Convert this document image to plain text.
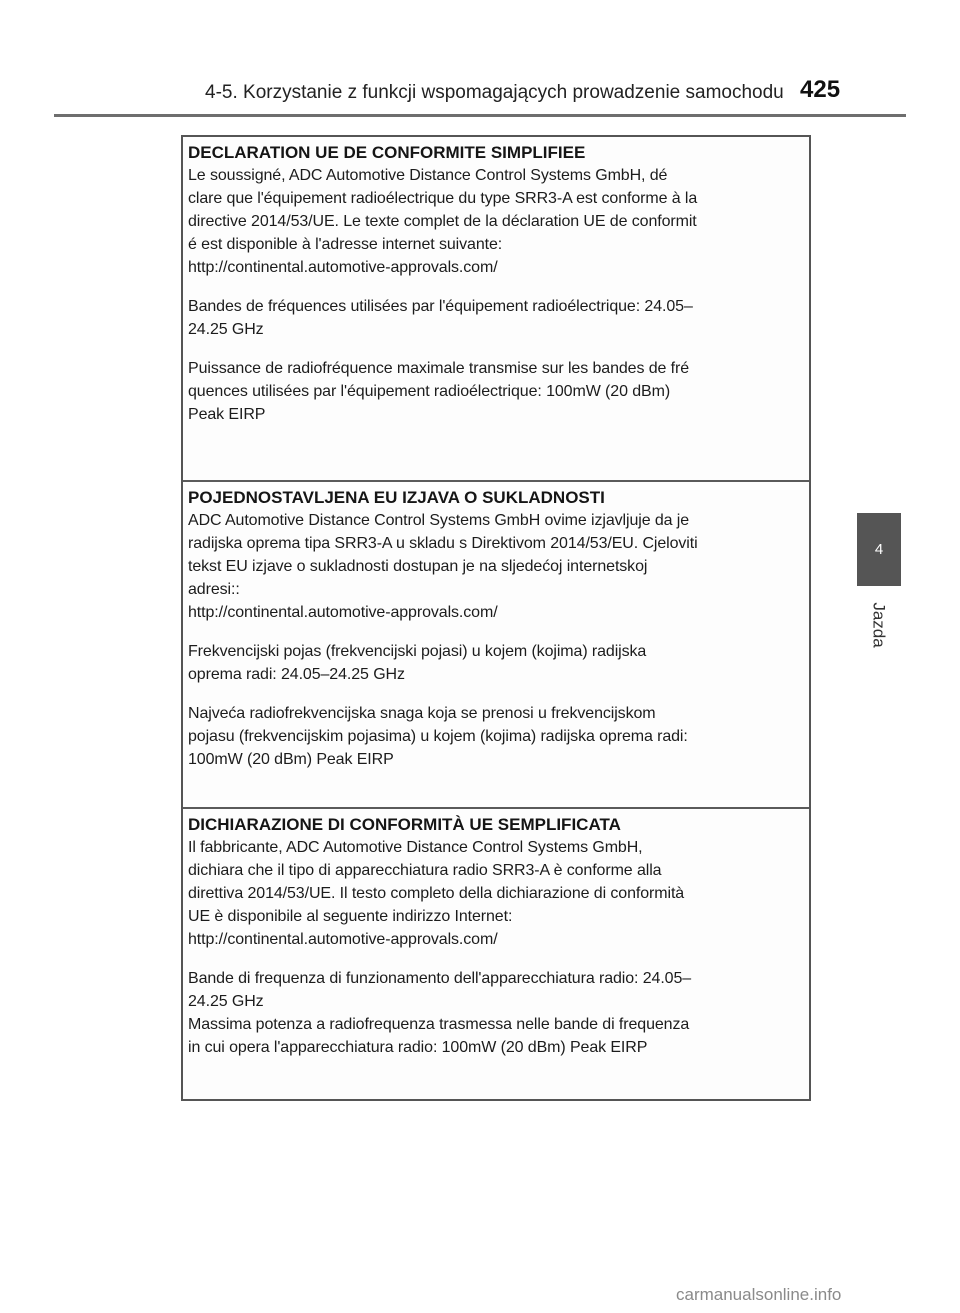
4-5. Korzystanie z funkcji wspomagających prowadzenie samochodu 425
4
Jazda
DECLARATION UE DE CONFORMITE SIMPLIFIEE
Le soussigné, ADC Automotive Distance Control Systems GmbH, dé
clare que l'équipement radioélectrique du type SRR3-A est conforme à la
directive 2014/53/UE. Le texte complet de la déclaration UE de conformit
é est disponible à l'adresse internet suivante:
http://continental.automotive-approvals.com/
Bandes de fréquences utilisées par l'équipement radioélectrique: 24.05–
24.25 GHz
Puissance de radiofréquence maximale transmise sur les bandes de fré
quences utilisées par l'équipement radioélectrique: 100mW (20 dBm)
Peak EIRP
POJEDNOSTAVLJENA EU IZJAVA O SUKLADNOSTI
ADC Automotive Distance Control Systems GmbH ovime izjavljuje da je
radijska oprema tipa SRR3-A u skladu s Direktivom 2014/53/EU. Cjeloviti
tekst EU izjave o sukladnosti dostupan je na sljedećoj internetskoj
adresi::
http://continental.automotive-approvals.com/
Frekvencijski pojas (frekvencijski pojasi) u kojem (kojima) radijska
oprema radi: 24.05–24.25 GHz
Najveća radiofrekvencijska snaga koja se prenosi u frekvencijskom
pojasu (frekvencijskim pojasima) u kojem (kojima) radijska oprema radi:
100mW (20 dBm) Peak EIRP
DICHIARAZIONE DI CONFORMITÀ UE SEMPLIFICATA
Il fabbricante, ADC Automotive Distance Control Systems GmbH,
dichiara che il tipo di apparecchiatura radio SRR3-A è conforme alla
direttiva 2014/53/UE. Il testo completo della dichiarazione di conformità
UE è disponibile al seguente indirizzo Internet:
http://continental.automotive-approvals.com/
Bande di frequenza di funzionamento dell'apparecchiatura radio: 24.05–
24.25 GHz
Massima potenza a radiofrequenza trasmessa nelle bande di frequenza
in cui opera l'apparecchiatura radio: 100mW (20 dBm) Peak EIRP
carmanualsonline.info
